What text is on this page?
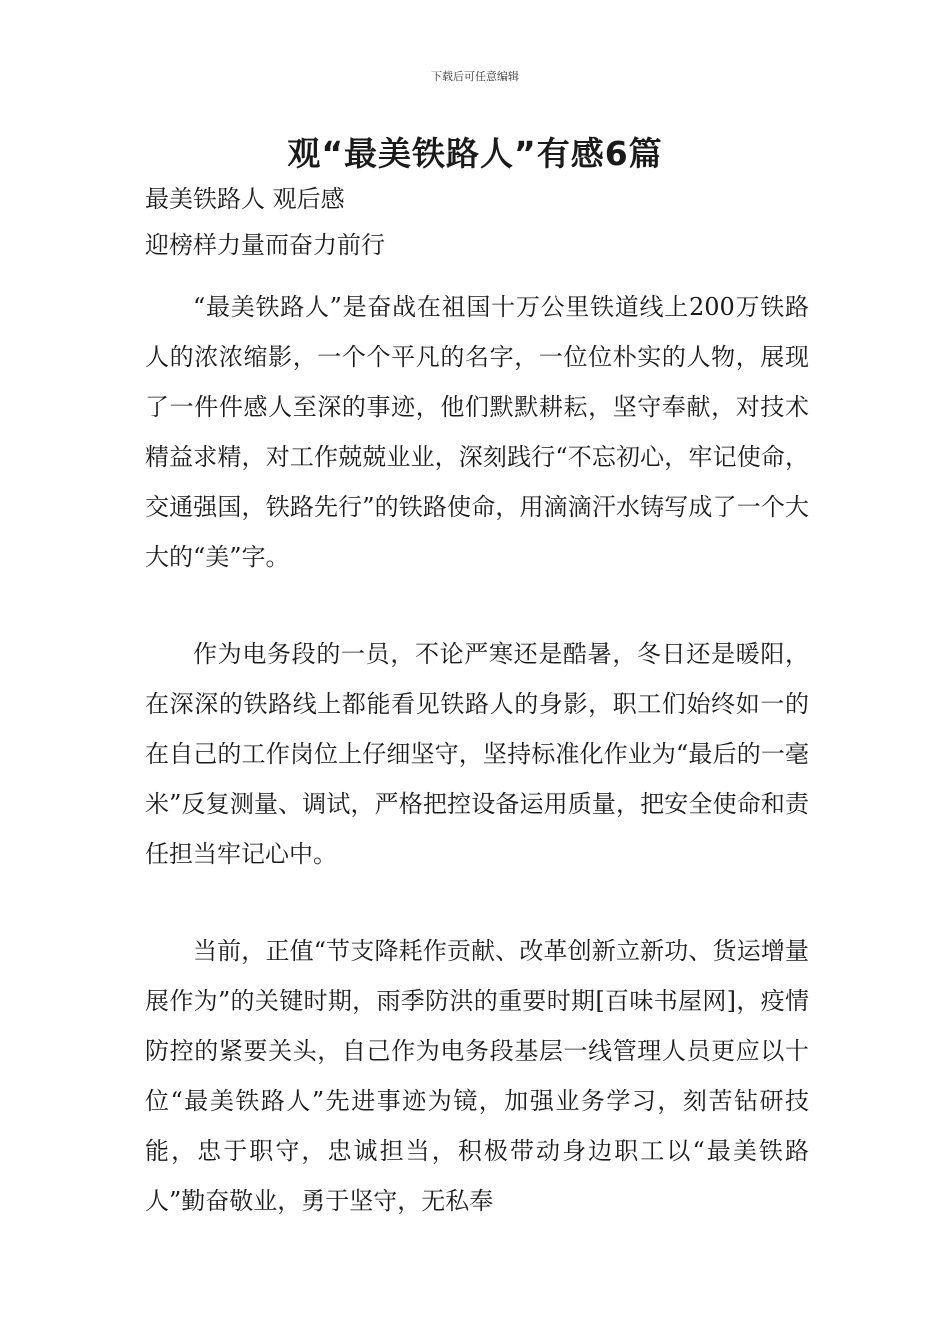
下载后可任意编辑
观“最美铁路人”有感6篇
最美铁路人 观后感
迎榜样力量而奋力前行

“最美铁路人”是奋战在祖国十万公里铁道线上200万铁路人的浓浓缩影，一个个平凡的名字，一位位朴实的人物，展现了一件件感人至深的事迹，他们默默耕耘，坚守奉献，对技术精益求精，对工作兢兢业业，深刻践行“不忘初心，牢记使命，交通强国，铁路先行”的铁路使命，用滴滴汗水铸写成了一个大大的“美”字。

作为电务段的一员，不论严寒还是酷暑，冬日还是暖阳，在深深的铁路线上都能看见铁路人的身影，职工们始终如一的在自己的工作岗位上仔细坚守，坚持标准化作业为“最后的一毫米”反复测量、调试，严格把控设备运用质量，把安全使命和责任担当牢记心中。

当前，正值“节支降耗作贡献、改革创新立新功、货运增量展作为”的关键时期，雨季防洪的重要时期[百味书屋网]，疫情防控的紧要关头，自己作为电务段基层一线管理人员更应以十位“最美铁路人”先进事迹为镜，加强业务学习，刻苦钻研技能，忠于职守，忠诚担当，积极带动身边职工以“最美铁路人”勤奋敬业，勇于坚守，无私奉
